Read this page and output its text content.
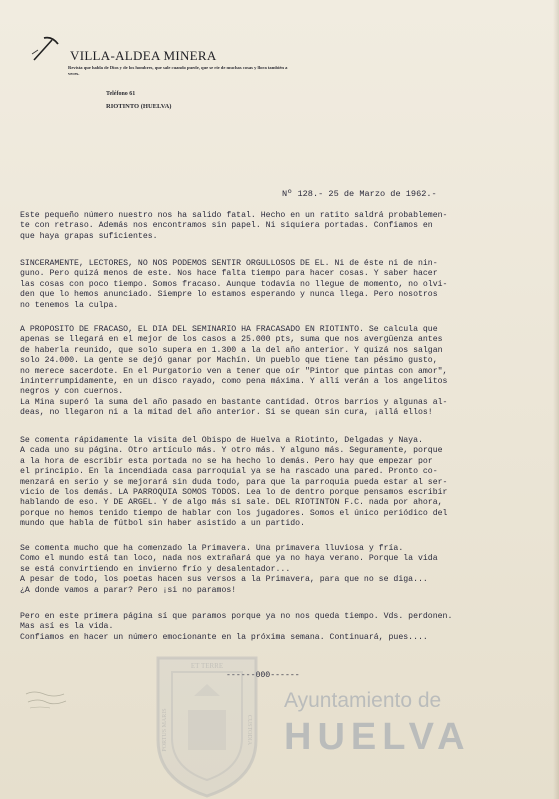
VILLA-ALDEA MINERA
Revista que habla de Dios y de los hombres, que sale cuando puede, que se ríe de muchas cosas y llora también a veces.
Teléfono 61
RIOTINTO (HUELVA)
Nº 128.- 25 de Marzo de 1962.-
Este pequeño número nuestro nos ha salido fatal. Hecho en un ratito saldrá probablemen-
te con retraso. Además nos encontramos sin papel. Ni siquiera portadas. Confiamos en
que haya grapas suficientes.
SINCERAMENTE, LECTORES, NO NOS PODEMOS SENTIR ORGULLOSOS DE EL. Ni de éste ni de nin-
guno. Pero quizá menos de este. Nos hace falta tiempo para hacer cosas. Y saber hacer
las cosas con poco tiempo. Somos fracaso. Aunque todavía no llegue de momento, no olvi-
den que lo hemos anunciado. Siempre lo estamos esperando y nunca llega. Pero nosotros
no tenemos la culpa.
A PROPOSITO DE FRACASO, EL DIA DEL SEMINARIO HA FRACASADO EN RIOTINTO. Se calcula que
apenas se llegará en el mejor de los casos a 25.000 pts, suma que nos avergüenza antes
de haberla reunido, que solo supera en 1.300 a la del año anterior. Y quizá nos salgan
solo 24.000. La gente se dejó ganar por Machín. Un pueblo que tiene tan pésimo gusto,
no merece sacerdote. En el Purgatorio ven a tener que oír "Pintor que pintas con amor",
ininterrumpidamente, en un disco rayado, como pena máxima. Y allí verán a los angelitos
negros y con cuernos.
La Mina superó la suma del año pasado en bastante cantidad. Otros barrios y algunas al-
deas, no llegaron ni a la mitad del año anterior. Si se quean sin cura, ¡allá ellos!
Se comenta rápidamente la visita del Obispo de Huelva a Riotinto, Delgadas y Naya.
A cada uno su página. Otro artículo más. Y otro más. Y alguno más. Seguramente, porque
a la hora de escribir esta portada no se ha hecho lo demás. Pero hay que empezar por
el principio. En la incendiada casa parroquial ya se ha rascado una pared. Pronto co-
menzará en serio y se mejorará sin duda todo, para que la parroquia pueda estar al ser-
vicio de los demás. LA PARROQUIA SOMOS TODOS. Lea lo de dentro porque pensamos escribir
hablando de eso. Y DE ARGEL. Y de algo más si sale. DEL RIOTINTON F.C. nada por ahora,
porque no hemos tenido tiempo de hablar con los jugadores. Somos el único periódico del
mundo que habla de fútbol sin haber asistido a un partido.
Se comenta mucho que ha comenzado la Primavera. Una primavera lluviosa y fría.
Como el mundo está tan loco, nada nos extrañará que ya no haya verano. Porque la vida
se está convirtiendo en invierno frío y desalentador...
A pesar de todo, los poetas hacen sus versos a la Primavera, para que no se diga...
¿A donde vamos a parar? Pero ¡si no paramos!
Pero en este primera página sí que paramos porque ya no nos queda tiempo. Vds. perdonen.
Mas así es la vida.
Confiamos en hacer un número emocionante en la próxima semana. Continuará, pues....
------000------
ET TERRE
PORTUS MARIS	CUSTODIA
Ayuntamiento de
HUELVA
